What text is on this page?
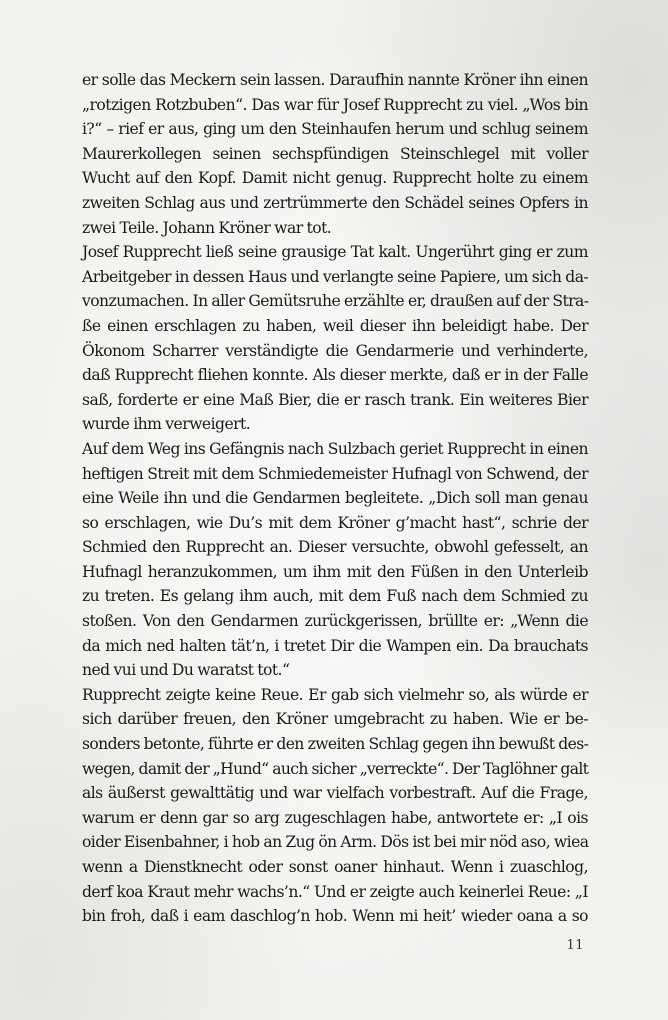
er solle das Meckern sein lassen. Daraufhin nannte Kröner ihn einen
„rotzigen Rotzbuben“. Das war für Josef Rupprecht zu viel. „Wos bin
i?“ – rief er aus, ging um den Steinhaufen herum und schlug seinem
Maurerkollegen seinen sechspfündigen Steinschlegel mit voller
Wucht auf den Kopf. Damit nicht genug. Rupprecht holte zu einem
zweiten Schlag aus und zertrümmerte den Schädel seines Opfers in
zwei Teile. Johann Kröner war tot.

Josef Rupprecht ließ seine grausige Tat kalt. Ungerührt ging er zum
Arbeitgeber in dessen Haus und verlangte seine Papiere, um sich da-
vonzumachen. In aller Gemütsruhe erzählte er, draußen auf der Stra-
ße einen erschlagen zu haben, weil dieser ihn beleidigt habe. Der
Ökonom Scharrer verständigte die Gendarmerie und verhinderte,
daß Rupprecht fliehen konnte. Als dieser merkte, daß er in der Falle
saß, forderte er eine Maß Bier, die er rasch trank. Ein weiteres Bier
wurde ihm verweigert.

Auf dem Weg ins Gefängnis nach Sulzbach geriet Rupprecht in einen
heftigen Streit mit dem Schmiedemeister Hufnagl von Schwend, der
eine Weile ihn und die Gendarmen begleitete. „Dich soll man genau
so erschlagen, wie Du’s mit dem Kröner g’macht hast“, schrie der
Schmied den Rupprecht an. Dieser versuchte, obwohl gefesselt, an
Hufnagl heranzukommen, um ihm mit den Füßen in den Unterleib
zu treten. Es gelang ihm auch, mit dem Fuß nach dem Schmied zu
stoßen. Von den Gendarmen zurückgerissen, brüllte er: „Wenn die
da mich ned halten tät’n, i tretet Dir die Wampen ein. Da brauchats
ned vui und Du waratst tot.“

Rupprecht zeigte keine Reue. Er gab sich vielmehr so, als würde er
sich darüber freuen, den Kröner umgebracht zu haben. Wie er be-
sonders betonte, führte er den zweiten Schlag gegen ihn bewußt des-
wegen, damit der „Hund“ auch sicher „verreckte“. Der Taglöhner galt
als äußerst gewalttätig und war vielfach vorbestraft. Auf die Frage,
warum er denn gar so arg zugeschlagen habe, antwortete er: „I ois
oider Eisenbahner, i hob an Zug ön Arm. Dös ist bei mir nöd aso, wiea
wenn a Dienstknecht oder sonst oaner hinhaut. Wenn i zuaschlog,
derf koa Kraut mehr wachs’n.“ Und er zeigte auch keinerlei Reue: „I
bin froh, daß i eam daschlog’n hob. Wenn mi heit’ wieder oana a so

11
